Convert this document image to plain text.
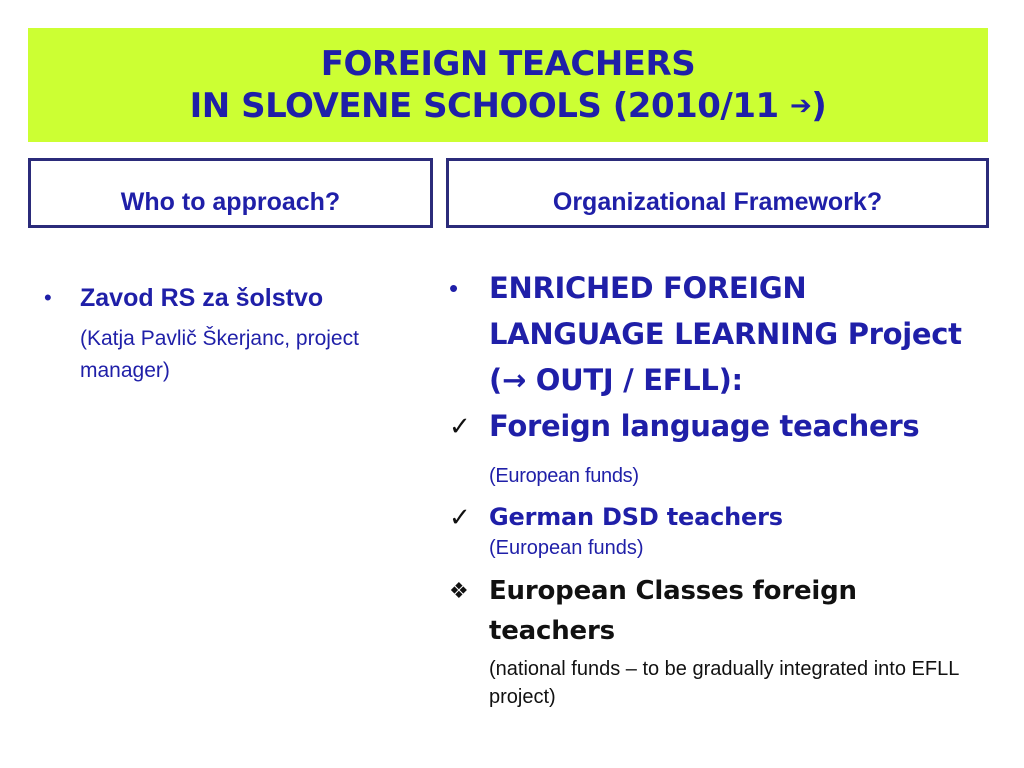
FOREIGN TEACHERS
IN SLOVENE SCHOOLS (2010/11 ➔)
Who to approach?	Organizational Framework?
• Zavod RS za šolstvo
(Katja Pavlič Škerjanc, project manager)
• ENRICHED FOREIGN LANGUAGE LEARNING Project (→ OUTJ / EFLL):
✓ Foreign language teachers (European funds)
✓ German DSD teachers
(European funds)
❖ European Classes foreign teachers
(national funds – to be gradually integrated into EFLL project)
